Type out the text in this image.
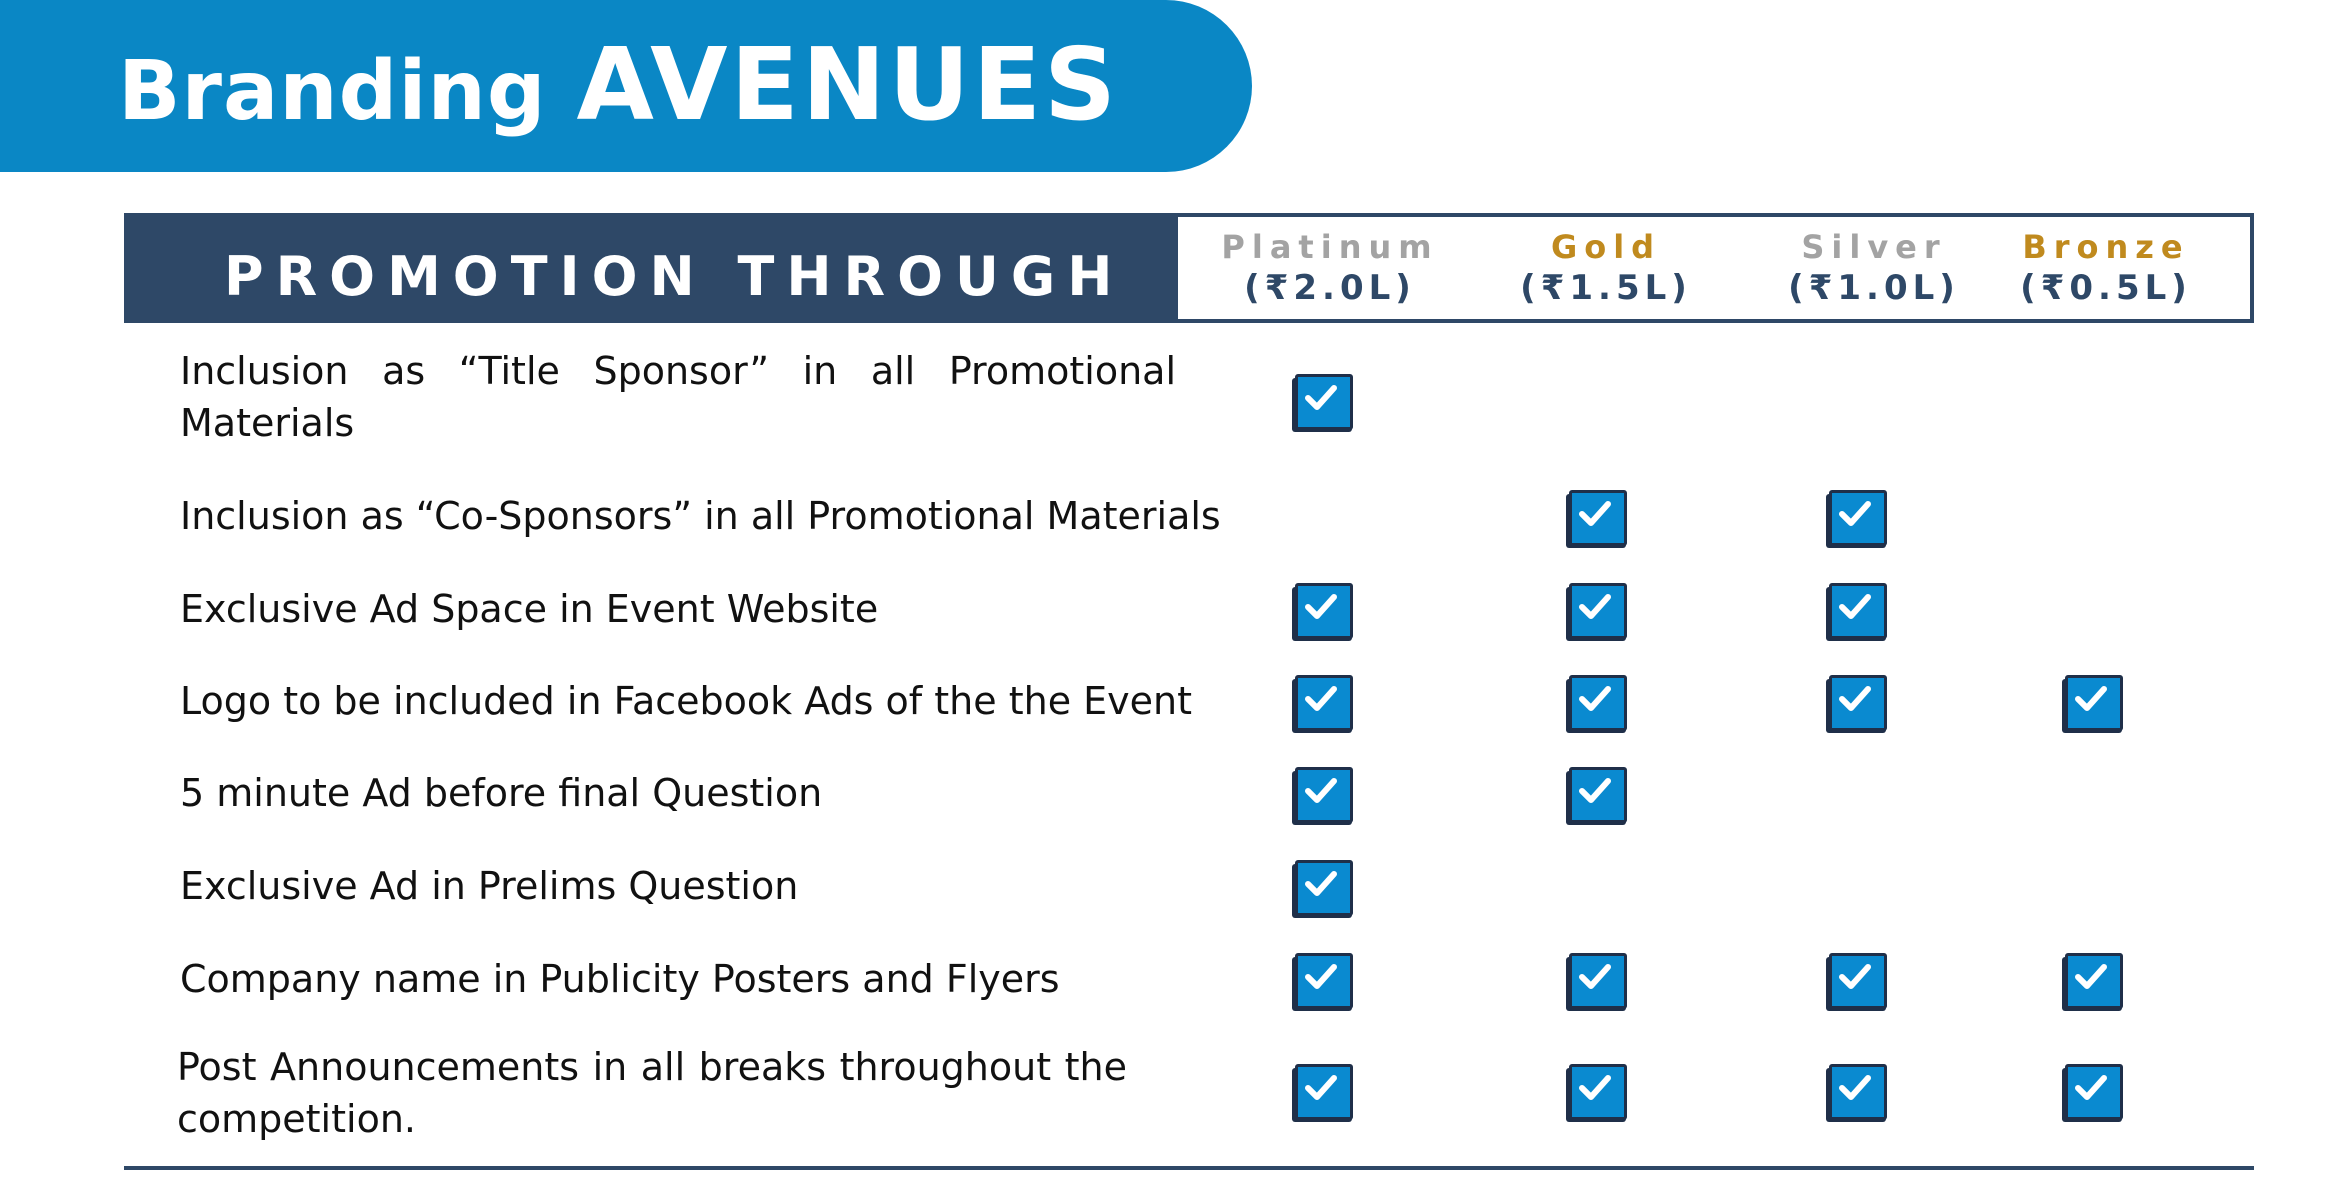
Branding AVENUES
PROMOTION THROUGH	Platinum
(₹2.0L)
Gold
(₹1.5L)
Silver
(₹1.0L)
Bronze
(₹0.5L)
Inclusion as “Title Sponsor” in all Promotional Materials
Inclusion as “Co-Sponsors” in all Promotional Materials
Exclusive Ad Space in Event Website
Logo to be included in Facebook Ads of the the Event
5 minute Ad before final Question
Exclusive Ad in Prelims Question
Company name in Publicity Posters and Flyers
Post Announcements in all breaks throughout the competition.
